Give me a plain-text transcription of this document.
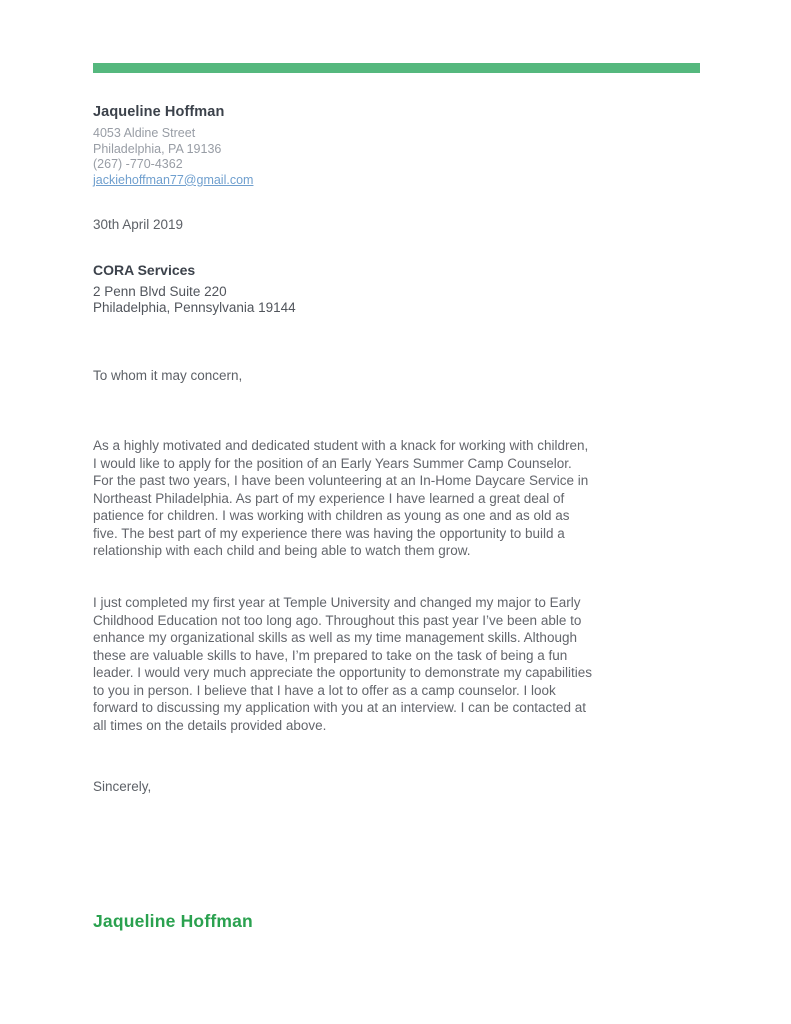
Jaqueline Hoffman
4053 Aldine Street
Philadelphia, PA 19136
(267) -770-4362
jackiehoffman77@gmail.com
30th April 2019
CORA Services
2 Penn Blvd Suite 220
Philadelphia, Pennsylvania 19144
To whom it may concern,

As a highly motivated and dedicated student with a knack for working with children, I would like to apply for the position of an Early Years Summer Camp Counselor. For the past two years, I have been volunteering at an In-Home Daycare Service in Northeast Philadelphia. As part of my experience I have learned a great deal of patience for children. I was working with children as young as one and as old as five. The best part of my experience there was having the opportunity to build a relationship with each child and being able to watch them grow.

I just completed my first year at Temple University and changed my major to Early Childhood Education not too long ago. Throughout this past year I’ve been able to enhance my organizational skills as well as my time management skills. Although these are valuable skills to have, I’m prepared to take on the task of being a fun leader. I would very much appreciate the opportunity to demonstrate my capabilities to you in person. I believe that I have a lot to offer as a camp counselor. I look forward to discussing my application with you at an interview. I can be contacted at all times on the details provided above.

Sincerely,
Jaqueline Hoffman
